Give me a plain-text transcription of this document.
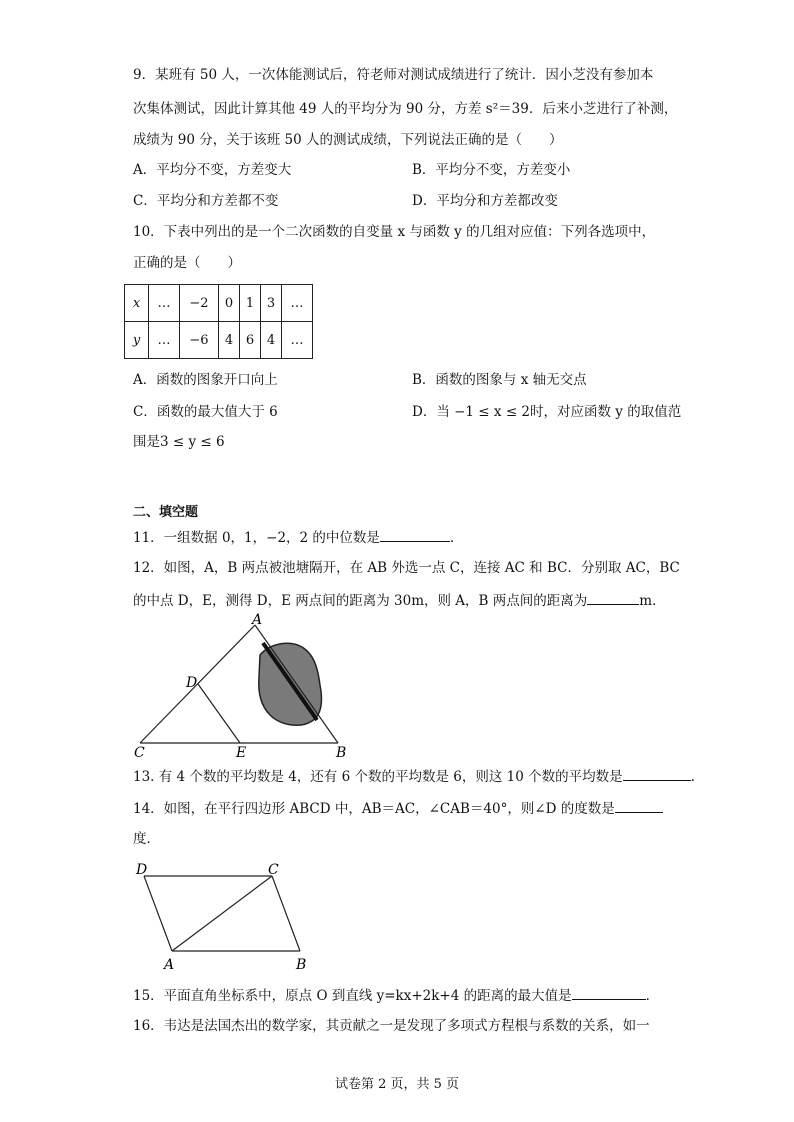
9．某班有 50 人，一次体能测试后，符老师对测试成绩进行了统计．因小芝没有参加本
次集体测试，因此计算其他 49 人的平均分为 90 分，方差 s²＝39．后来小芝进行了补测，
成绩为 90 分，关于该班 50 人的测试成绩，下列说法正确的是（　　）
A．平均分不变，方差变大	B．平均分不变，方差变小
C．平均分和方差都不变	D．平均分和方差都改变
10．下表中列出的是一个二次函数的自变量 x 与函数 y 的几组对应值：下列各选项中，
正确的是（　　）
x	…	−2	0	1	3	…
y	…	−6	4	6	4	…
A．函数的图象开口向上	B．函数的图象与 x 轴无交点
C．函数的最大值大于 6	D．当 −1 ≤ x ≤ 2时，对应函数 y 的取值范
围是3 ≤ y ≤ 6
二、填空题
11．一组数据 0，1，−2，2 的中位数是	．
12．如图，A，B 两点被池塘隔开，在 AB 外选一点 C，连接 AC 和 BC．分别取 AC，BC
的中点 D，E，测得 D，E 两点间的距离为 30m，则 A，B 两点间的距离为	m．
A
D
C	E	B
13. 有 4 个数的平均数是 4，还有 6 个数的平均数是 6，则这 10 个数的平均数是	.
14．如图，在平行四边形 ABCD 中，AB＝AC，∠CAB＝40°，则∠D 的度数是
度．
D	C
A	B
15．平面直角坐标系中，原点 O 到直线 y=kx+2k+4 的距离的最大值是	．
16．韦达是法国杰出的数学家，其贡献之一是发现了多项式方程根与系数的关系，如一
试卷第 2 页，共 5 页
